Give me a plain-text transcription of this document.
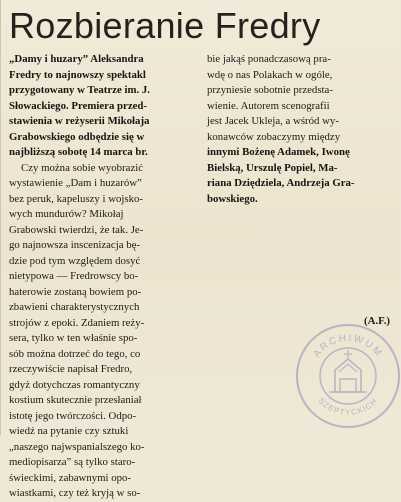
Rozbieranie Fredry

„Damy i huzary” Aleksandra

Fredry to najnowszy spektakl

przygotowany w Teatrze im. J.

Słowackiego. Premiera przed-

stawienia w reżyserii Mikołaja

Grabowskiego odbędzie się w

najbliższą sobotę 14 marca br.

Czy można sobie wyobrazić

wystawienie „Dam i huzarów”

bez peruk, kapeluszy i wojsko-

wych mundurów? Mikołaj

Grabowski twierdzi, że tak. Je-

go najnowsza inscenizacja bę-

dzie pod tym względem dosyć

nietypowa — Fredrowscy bo-

haterowie zostaną bowiem po-

zbawieni charakterystycznych

strojów z epoki. Zdaniem reży-

sera, tylko w ten właśnie spo-

sób można dotrzeć do tego, co

rzeczywiście napisał Fredro,

gdyż dotychczas romantyczny

kostium skutecznie przesłaniał

istotę jego twórczości. Odpo-

wiedź na pytanie czy sztuki

„naszego najwspanialszego ko-

mediopisarza” są tylko staro-

świeckimi, zabawnymi opo-

wiastkami, czy też kryją w so-

bie jakąś ponadczasową pra-

wdę o nas Polakach w ogóle,

przyniesie sobotnie przedsta-

wienie. Autorem scenografii

jest Jacek Ukleja, a wśród wy-

konawców zobaczymy między

innymi Bożenę Adamek, Iwonę

Bielską, Urszulę Popiel, Ma-

riana Dziędziela, Andrzeja Gra-

bowskiego.

(A.F.)

ARCHIWUM
SZEPTYCKICH
